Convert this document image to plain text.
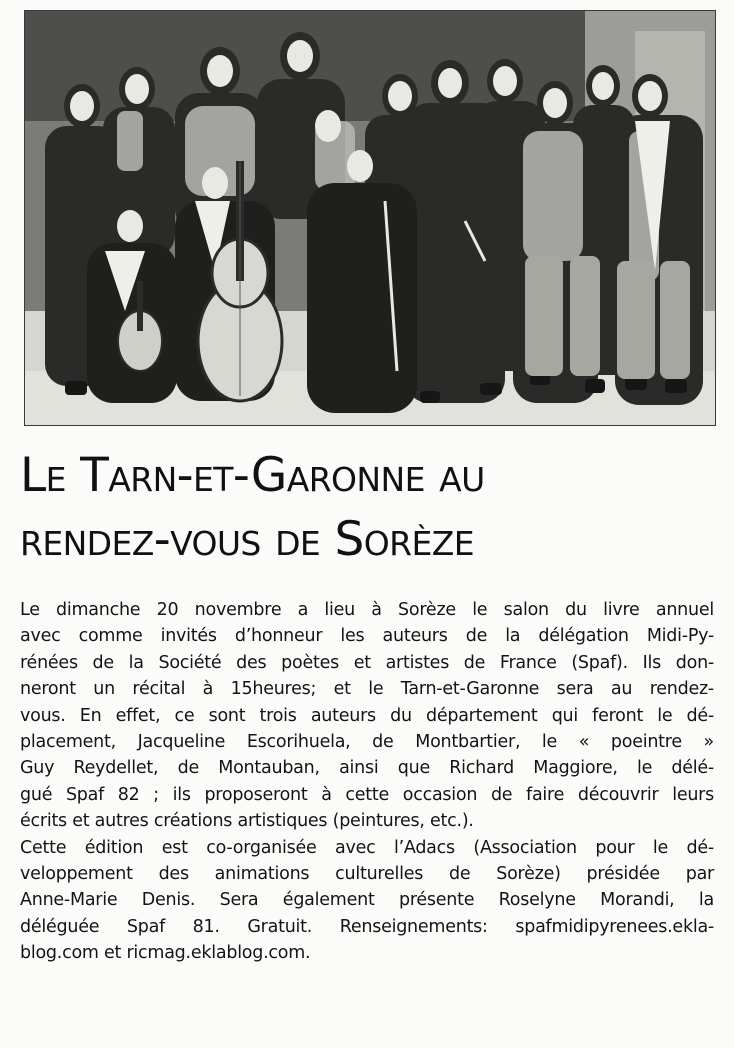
Le Tarn-et-Garonne au
rendez-vous de Sorèze
Le dimanche 20 novembre a lieu à Sorèze le salon du livre annuel
avec comme invités d’honneur les auteurs de la délégation Midi-Py-
rénées de la Société des poètes et artistes de France (Spaf). Ils don-
neront un récital à 15heures; et le Tarn-et-Garonne sera au rendez-
vous. En effet, ce sont trois auteurs du département qui feront le dé-
placement, Jacqueline Escorihuela, de Montbartier, le « poeintre »
Guy Reydellet, de Montauban, ainsi que Richard Maggiore, le délé-
gué Spaf 82 ; ils proposeront à cette occasion de faire découvrir leurs
écrits et autres créations artistiques (peintures, etc.).
Cette édition est co-organisée avec l’Adacs (Association pour le dé-
veloppement des animations culturelles de Sorèze) présidée par
Anne-Marie Denis. Sera également présente Roselyne Morandi, la
déléguée Spaf 81. Gratuit. Renseignements: spafmidipyrenees.ekla-
blog.com et ricmag.eklablog.com.
